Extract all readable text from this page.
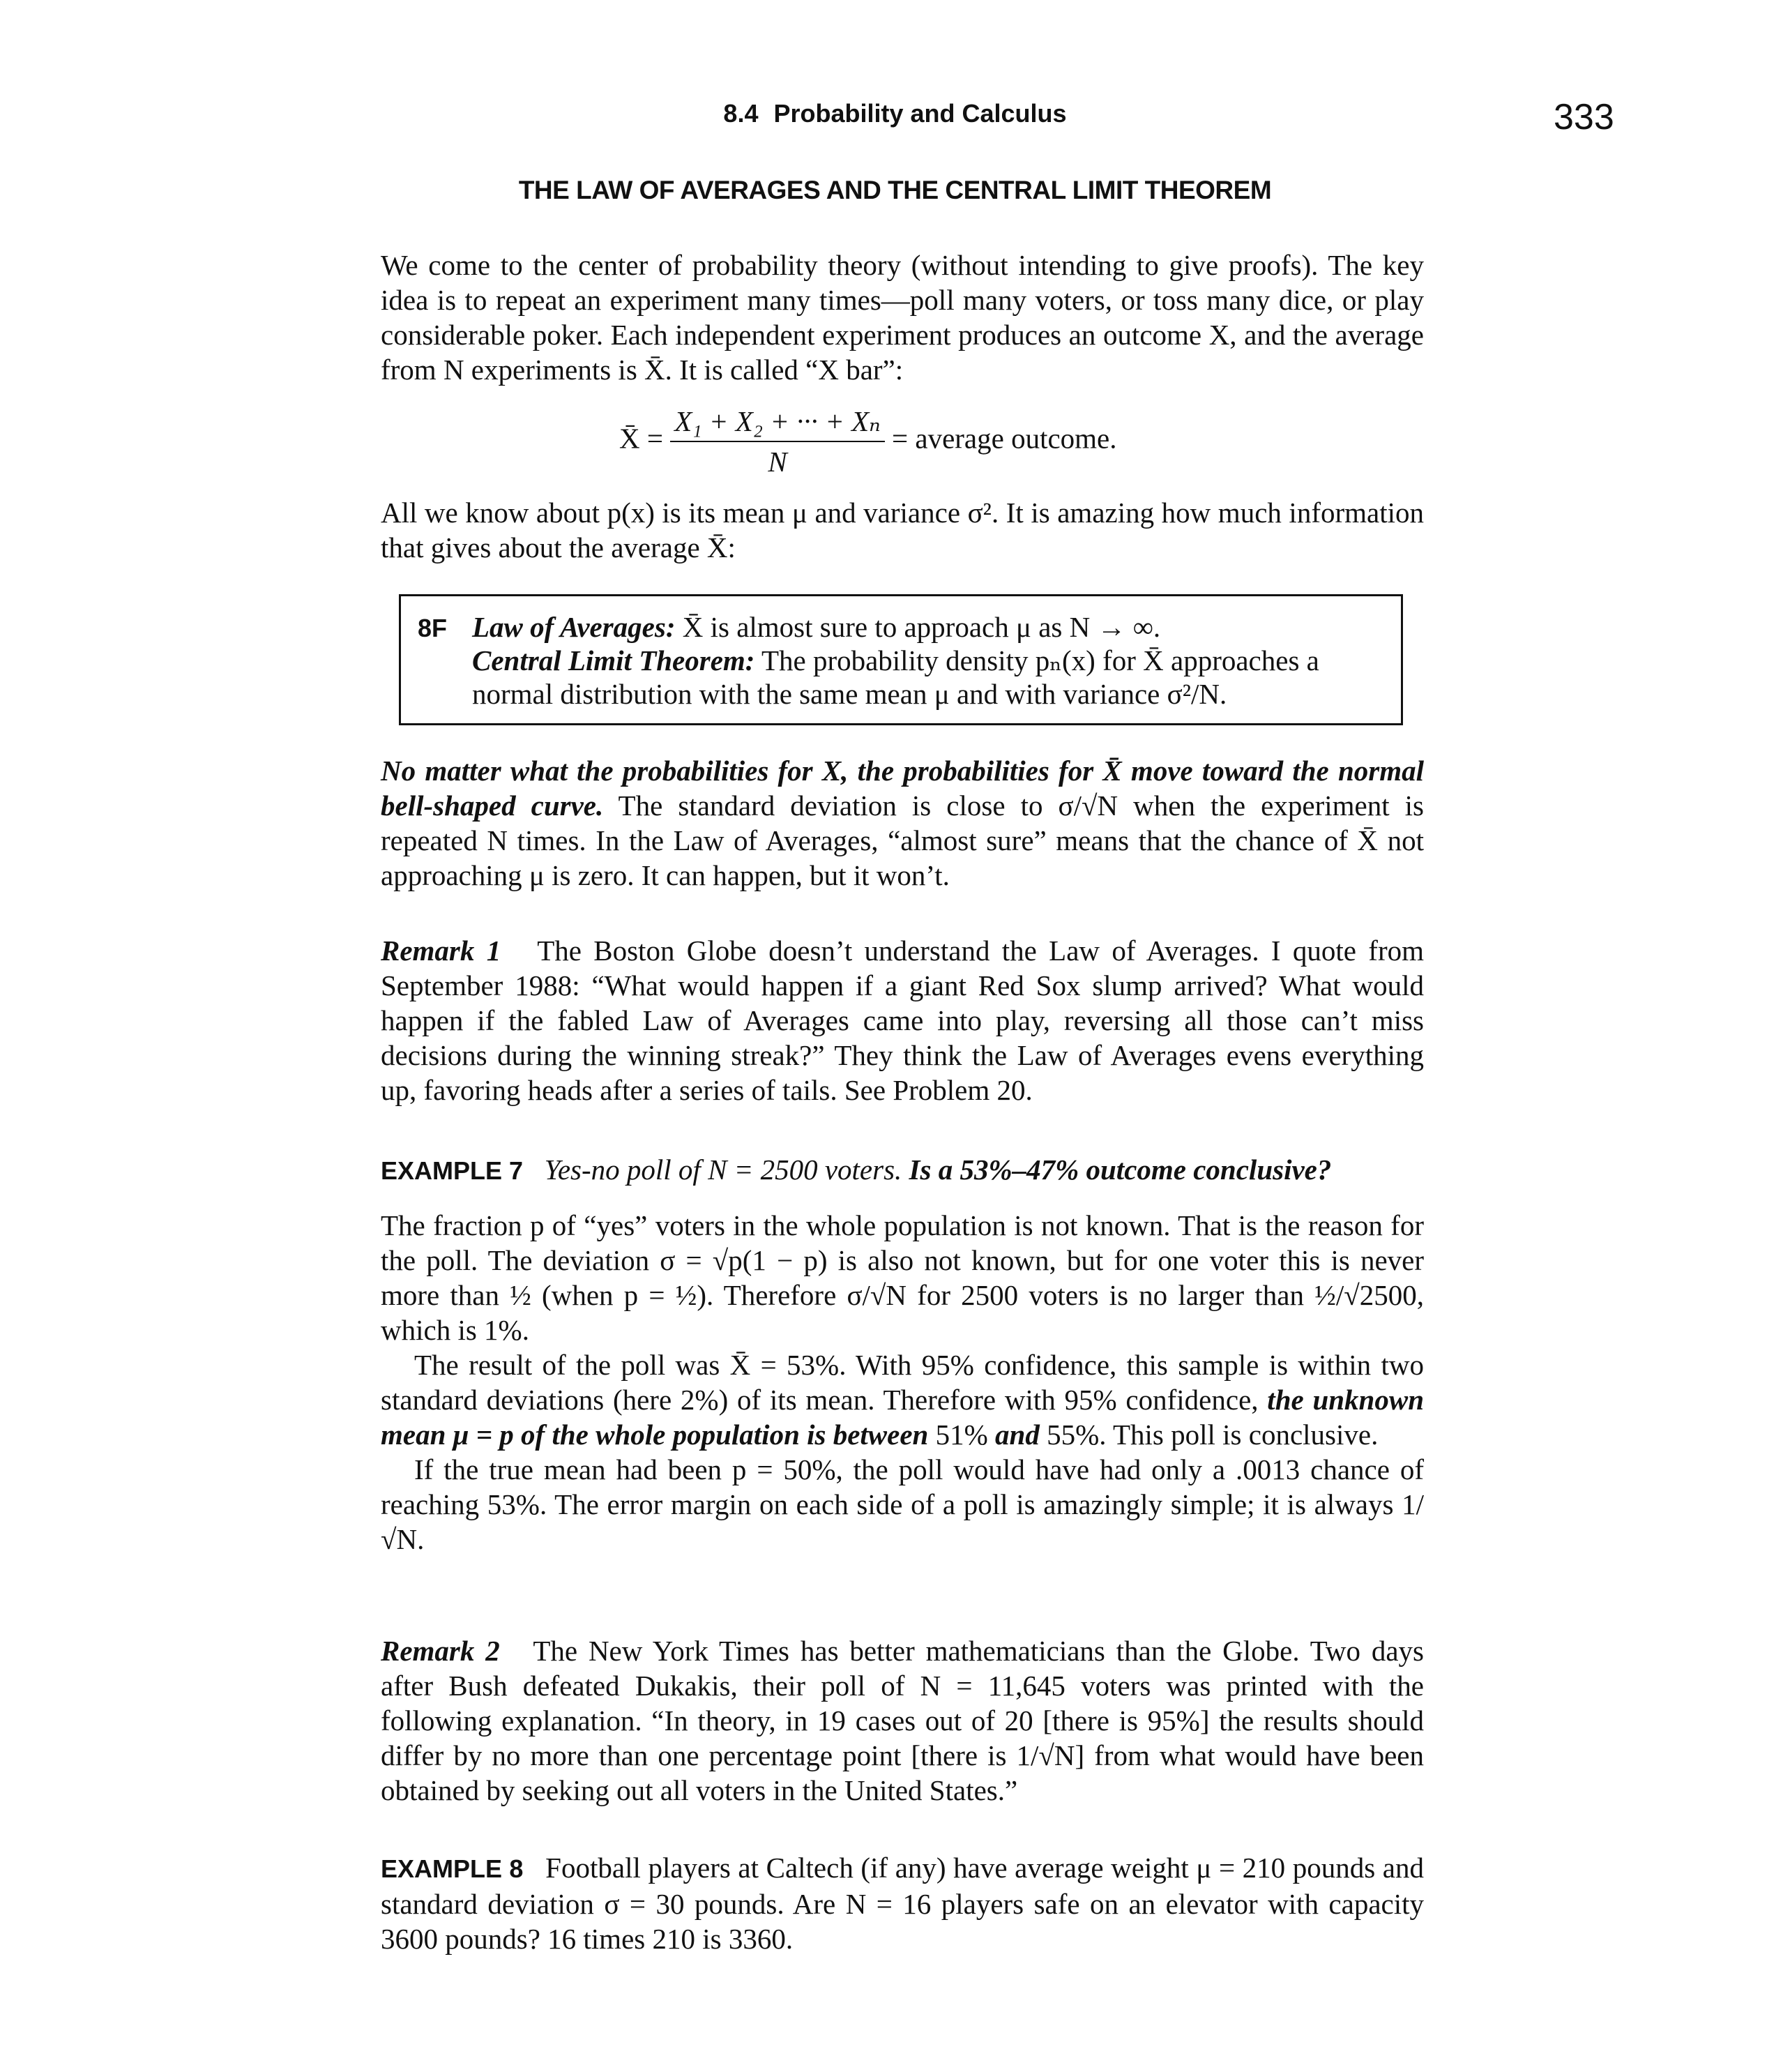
8.4 Probability and Calculus	333
THE LAW OF AVERAGES AND THE CENTRAL LIMIT THEOREM

We come to the center of probability theory (without intending to give proofs). The key idea is to repeat an experiment many times—poll many voters, or toss many dice, or play considerable poker. Each independent experiment produces an outcome X, and the average from N experiments is X̄. It is called “X bar”:

X̄ = $\frac{\text{X₁ + X₂ + ··· + Xₙ}}{N}$ = average outcome.

All we know about p(x) is its mean μ and variance σ². It is amazing how much information that gives about the average X̄:

8F Law of Averages: X̄ is almost sure to approach μ as N → ∞.
Central Limit Theorem: The probability density pₙ(x) for X̄ approaches a normal distribution with the same mean μ and with variance σ²/N.

No matter what the probabilities for X, the probabilities for X̄ move toward the normal bell-shaped curve. The standard deviation is close to σ/√N when the experiment is repeated N times. In the Law of Averages, “almost sure” means that the chance of X̄ not approaching μ is zero. It can happen, but it won’t.

Remark 1 The Boston Globe doesn’t understand the Law of Averages. I quote from September 1988: “What would happen if a giant Red Sox slump arrived? What would happen if the fabled Law of Averages came into play, reversing all those can’t miss decisions during the winning streak?” They think the Law of Averages evens everything up, favoring heads after a series of tails. See Problem 20.

EXAMPLE 7 Yes-no poll of N = 2500 voters. Is a 53%–47% outcome conclusive?

The fraction p of “yes” voters in the whole population is not known. That is the reason for the poll. The deviation σ = √p(1 − p) is also not known, but for one voter this is never more than ½ (when p = ½). Therefore σ/√N for 2500 voters is no larger than ½/√2500, which is 1%.

The result of the poll was X̄ = 53%. With 95% confidence, this sample is within two standard deviations (here 2%) of its mean. Therefore with 95% confidence, the unknown mean μ = p of the whole population is between 51% and 55%. This poll is conclusive.

If the true mean had been p = 50%, the poll would have had only a .0013 chance of reaching 53%. The error margin on each side of a poll is amazingly simple; it is always 1/√N.

Remark 2 The New York Times has better mathematicians than the Globe. Two days after Bush defeated Dukakis, their poll of N = 11,645 voters was printed with the following explanation. “In theory, in 19 cases out of 20 [there is 95%] the results should differ by no more than one percentage point [there is 1/√N] from what would have been obtained by seeking out all voters in the United States.”

EXAMPLE 8 Football players at Caltech (if any) have average weight μ = 210 pounds and standard deviation σ = 30 pounds. Are N = 16 players safe on an elevator with capacity 3600 pounds? 16 times 210 is 3360.
